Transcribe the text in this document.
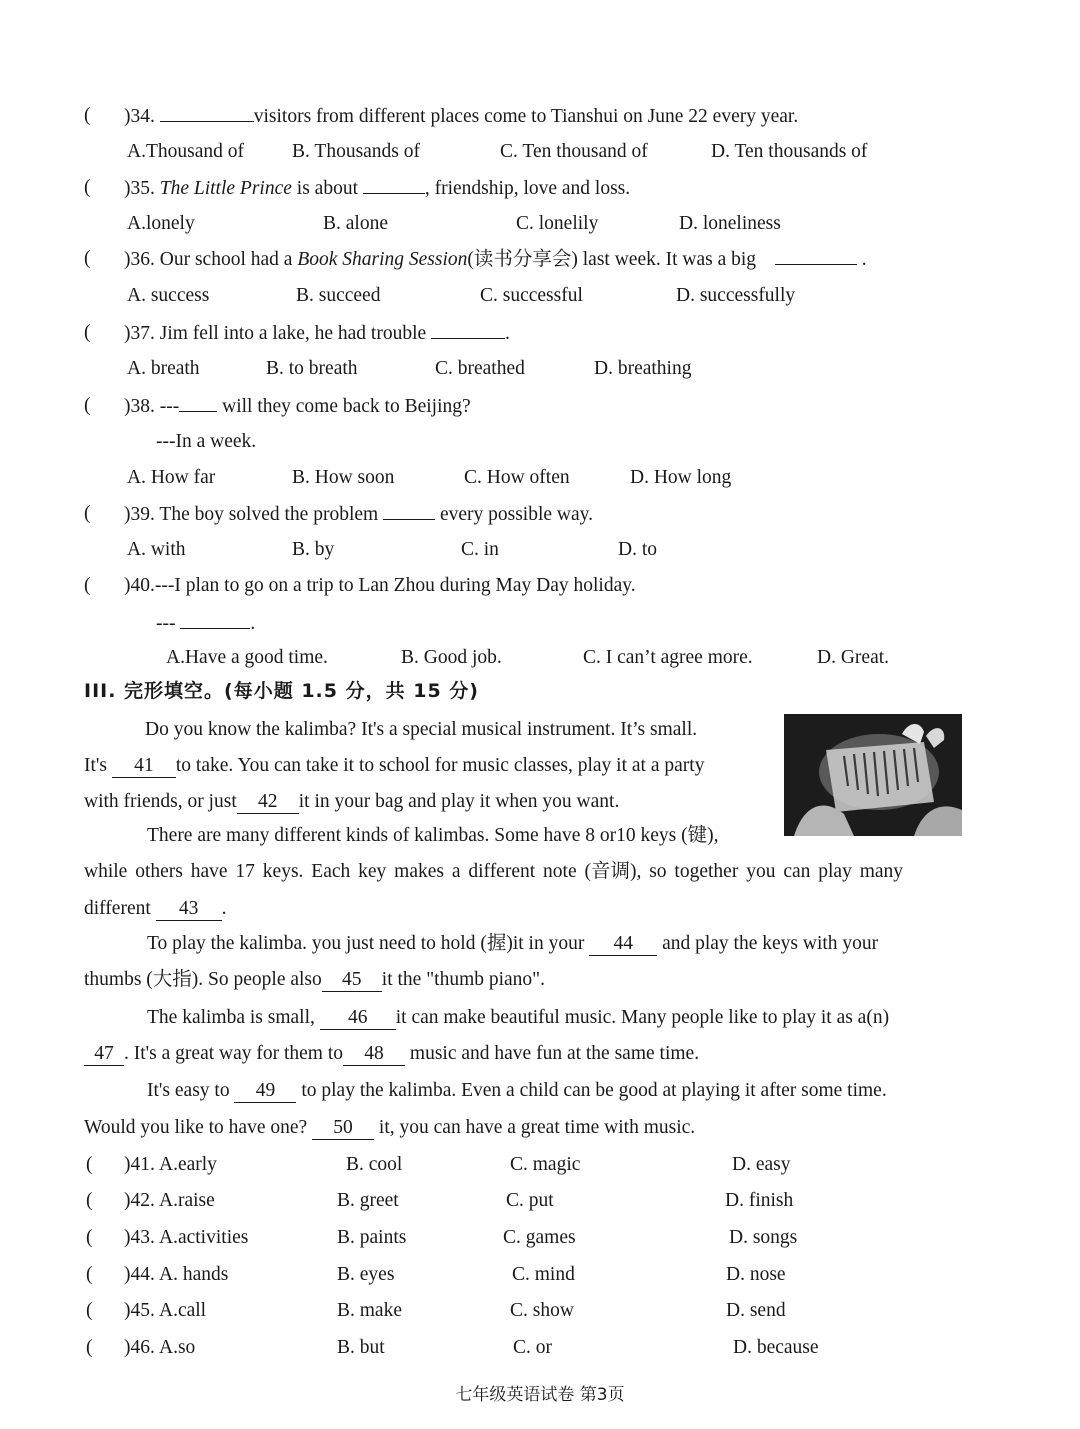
( )34.	visitors from different places come to Tianshui on June 22 every year.
A.Thousand of B. Thousands of	C. Ten thousand of	D. Ten thousands of
( )35. The Little Prince is about	, friendship, love and loss.
A.lonely	B. alone	C. lonelily	D. loneliness
( )36. Our school had a Book Sharing Session(读书分享会) last week. It was a big	.
A. success	B. succeed	C. successful	D. successfully
( )37. Jim fell into a lake, he had trouble	.
A. breath	B. to breath	C. breathed	D. breathing
( )38. --- will they come back to Beijing?
---In a week.
A. How far	B. How soon	C. How often	D. How long
( )39. The boy solved the problem	every possible way.
A. with	B. by	C. in	D. to
( )40.---I plan to go on a trip to Lan Zhou during May Day holiday.
---	.
A.Have a good time.	B. Good job.	C. I can’t agree more.	D. Great.
III. 完形填空。(每小题 1.5 分，共 15 分)
Do you know the kalimba? It's a special musical instrument. It’s small.
It's 41 to take. You can take it to school for music classes, play it at a party
with friends, or just 42 it in your bag and play it when you want.
There are many different kinds of kalimbas. Some have 8 or10 keys (键),
while others have 17 keys. Each key makes a different note (音调), so together you can play many
different 43 .
To play the kalimba. you just need to hold (握)it in your 44 and play the keys with your
thumbs (大指). So people also 45 it the "thumb piano".
The kalimba is small, 46 it can make beautiful music. Many people like to play it as a(n)
47 . It's a great way for them to 48 music and have fun at the same time.
It's easy to 49 to play the kalimba. Even a child can be good at playing it after some time.
Would you like to have one? 50 it, you can have a great time with music.
( )41. A.early	B. cool	C. magic	D. easy
( )42. A.raise	B. greet	C. put	D. finish
( )43. A.activities	B. paints	C. games	D. songs
( )44. A. hands	B. eyes	C. mind	D. nose
( )45. A.call	B. make	C. show	D. send
( )46. A.so	B. but	C. or	D. because
七年级英语试卷 第3页
